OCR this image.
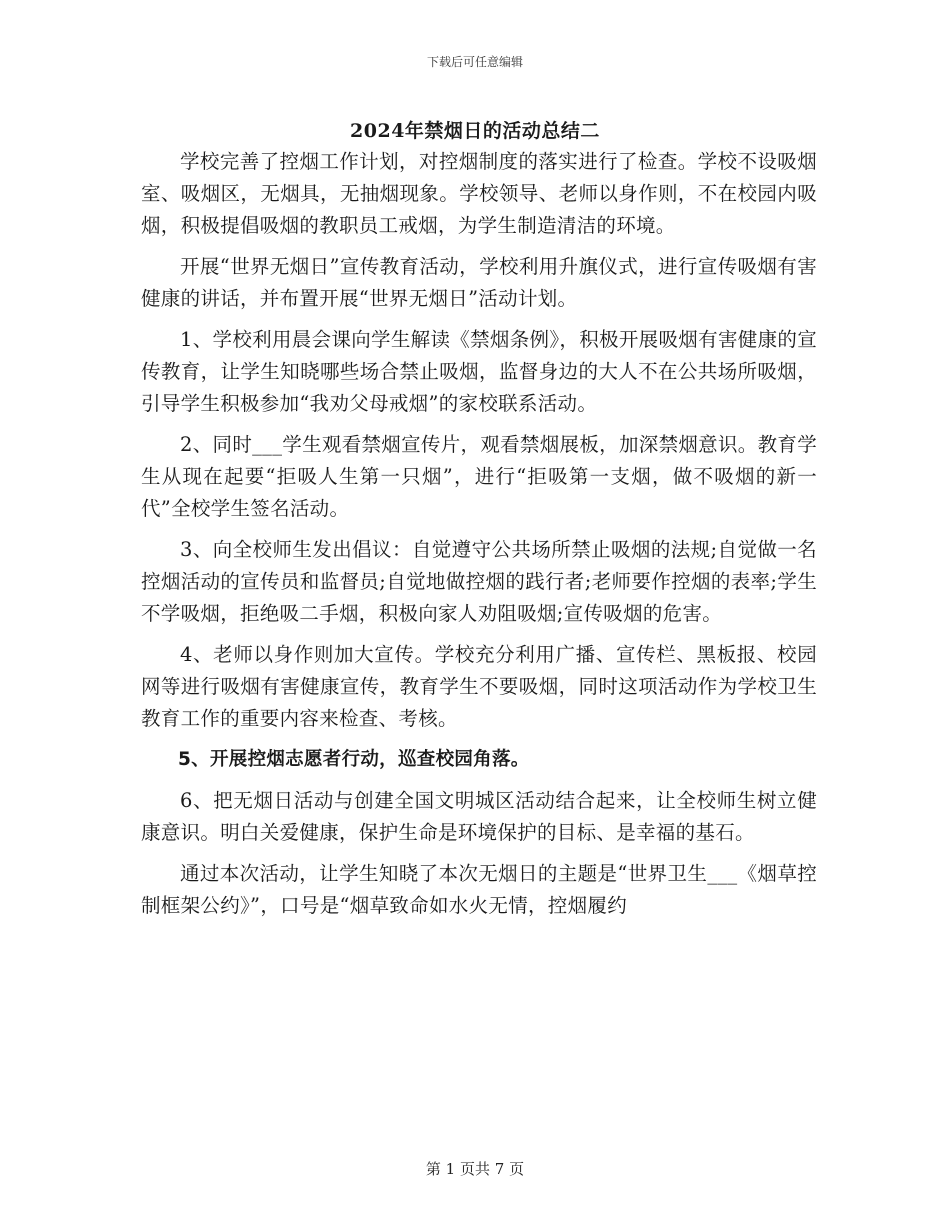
下载后可任意编辑
2024年禁烟日的活动总结二

学校完善了控烟工作计划，对控烟制度的落实进行了检查。学校不设吸烟室、吸烟区，无烟具，无抽烟现象。学校领导、老师以身作则，不在校园内吸烟，积极提倡吸烟的教职员工戒烟，为学生制造清洁的环境。

开展“世界无烟日”宣传教育活动，学校利用升旗仪式，进行宣传吸烟有害健康的讲话，并布置开展“世界无烟日”活动计划。

1、学校利用晨会课向学生解读《禁烟条例》，积极开展吸烟有害健康的宣传教育，让学生知晓哪些场合禁止吸烟，监督身边的大人不在公共场所吸烟，引导学生积极参加“我劝父母戒烟”的家校联系活动。

2、同时___学生观看禁烟宣传片，观看禁烟展板，加深禁烟意识。教育学生从现在起要“拒吸人生第一只烟”，进行“拒吸第一支烟，做不吸烟的新一代”全校学生签名活动。

3、向全校师生发出倡议：自觉遵守公共场所禁止吸烟的法规;自觉做一名控烟活动的宣传员和监督员;自觉地做控烟的践行者;老师要作控烟的表率;学生不学吸烟，拒绝吸二手烟，积极向家人劝阻吸烟;宣传吸烟的危害。

4、老师以身作则加大宣传。学校充分利用广播、宣传栏、黑板报、校园网等进行吸烟有害健康宣传，教育学生不要吸烟，同时这项活动作为学校卫生教育工作的重要内容来检查、考核。

5、开展控烟志愿者行动，巡查校园角落。

6、把无烟日活动与创建全国文明城区活动结合起来，让全校师生树立健康意识。明白关爱健康，保护生命是环境保护的目标、是幸福的基石。

通过本次活动，让学生知晓了本次无烟日的主题是“世界卫生___《烟草控制框架公约》”，口号是“烟草致命如水火无情，控烟履约

第 1 页共 7 页
